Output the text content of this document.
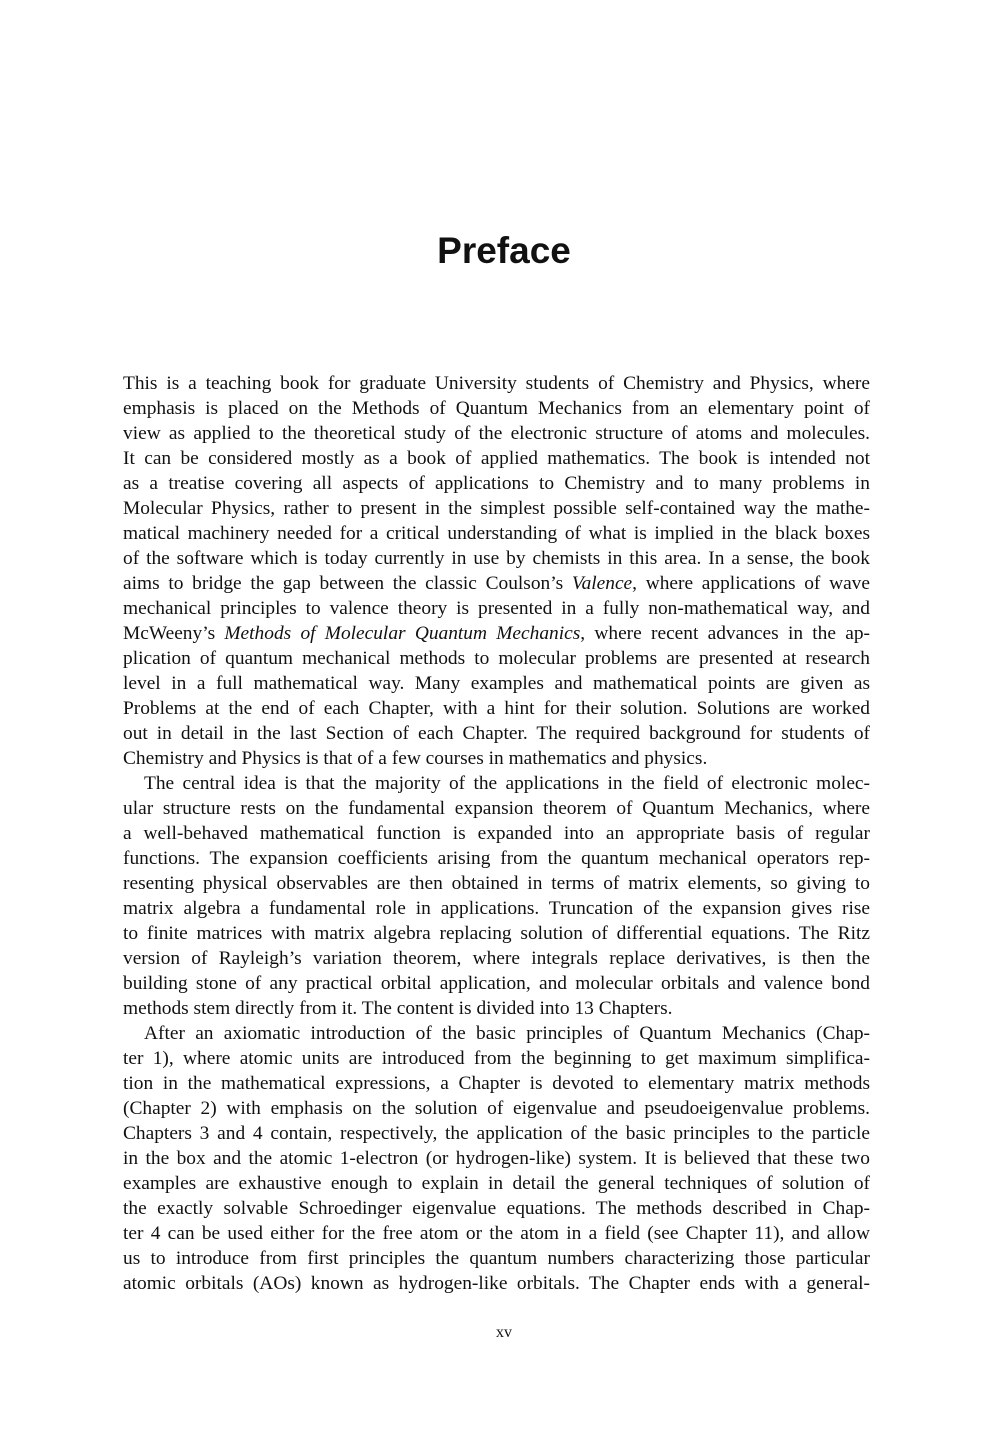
Preface
This is a teaching book for graduate University students of Chemistry and Physics, where
emphasis is placed on the Methods of Quantum Mechanics from an elementary point of
view as applied to the theoretical study of the electronic structure of atoms and molecules.
It can be considered mostly as a book of applied mathematics. The book is intended not
as a treatise covering all aspects of applications to Chemistry and to many problems in
Molecular Physics, rather to present in the simplest possible self-contained way the mathe-
matical machinery needed for a critical understanding of what is implied in the black boxes
of the software which is today currently in use by chemists in this area. In a sense, the book
aims to bridge the gap between the classic Coulson’s Valence, where applications of wave
mechanical principles to valence theory is presented in a fully non-mathematical way, and
McWeeny’s Methods of Molecular Quantum Mechanics, where recent advances in the ap-
plication of quantum mechanical methods to molecular problems are presented at research
level in a full mathematical way. Many examples and mathematical points are given as
Problems at the end of each Chapter, with a hint for their solution. Solutions are worked
out in detail in the last Section of each Chapter. The required background for students of
Chemistry and Physics is that of a few courses in mathematics and physics.
The central idea is that the majority of the applications in the field of electronic molec-
ular structure rests on the fundamental expansion theorem of Quantum Mechanics, where
a well-behaved mathematical function is expanded into an appropriate basis of regular
functions. The expansion coefficients arising from the quantum mechanical operators rep-
resenting physical observables are then obtained in terms of matrix elements, so giving to
matrix algebra a fundamental role in applications. Truncation of the expansion gives rise
to finite matrices with matrix algebra replacing solution of differential equations. The Ritz
version of Rayleigh’s variation theorem, where integrals replace derivatives, is then the
building stone of any practical orbital application, and molecular orbitals and valence bond
methods stem directly from it. The content is divided into 13 Chapters.
After an axiomatic introduction of the basic principles of Quantum Mechanics (Chap-
ter 1), where atomic units are introduced from the beginning to get maximum simplifica-
tion in the mathematical expressions, a Chapter is devoted to elementary matrix methods
(Chapter 2) with emphasis on the solution of eigenvalue and pseudoeigenvalue problems.
Chapters 3 and 4 contain, respectively, the application of the basic principles to the particle
in the box and the atomic 1-electron (or hydrogen-like) system. It is believed that these two
examples are exhaustive enough to explain in detail the general techniques of solution of
the exactly solvable Schroedinger eigenvalue equations. The methods described in Chap-
ter 4 can be used either for the free atom or the atom in a field (see Chapter 11), and allow
us to introduce from first principles the quantum numbers characterizing those particular
atomic orbitals (AOs) known as hydrogen-like orbitals. The Chapter ends with a general-
xv
